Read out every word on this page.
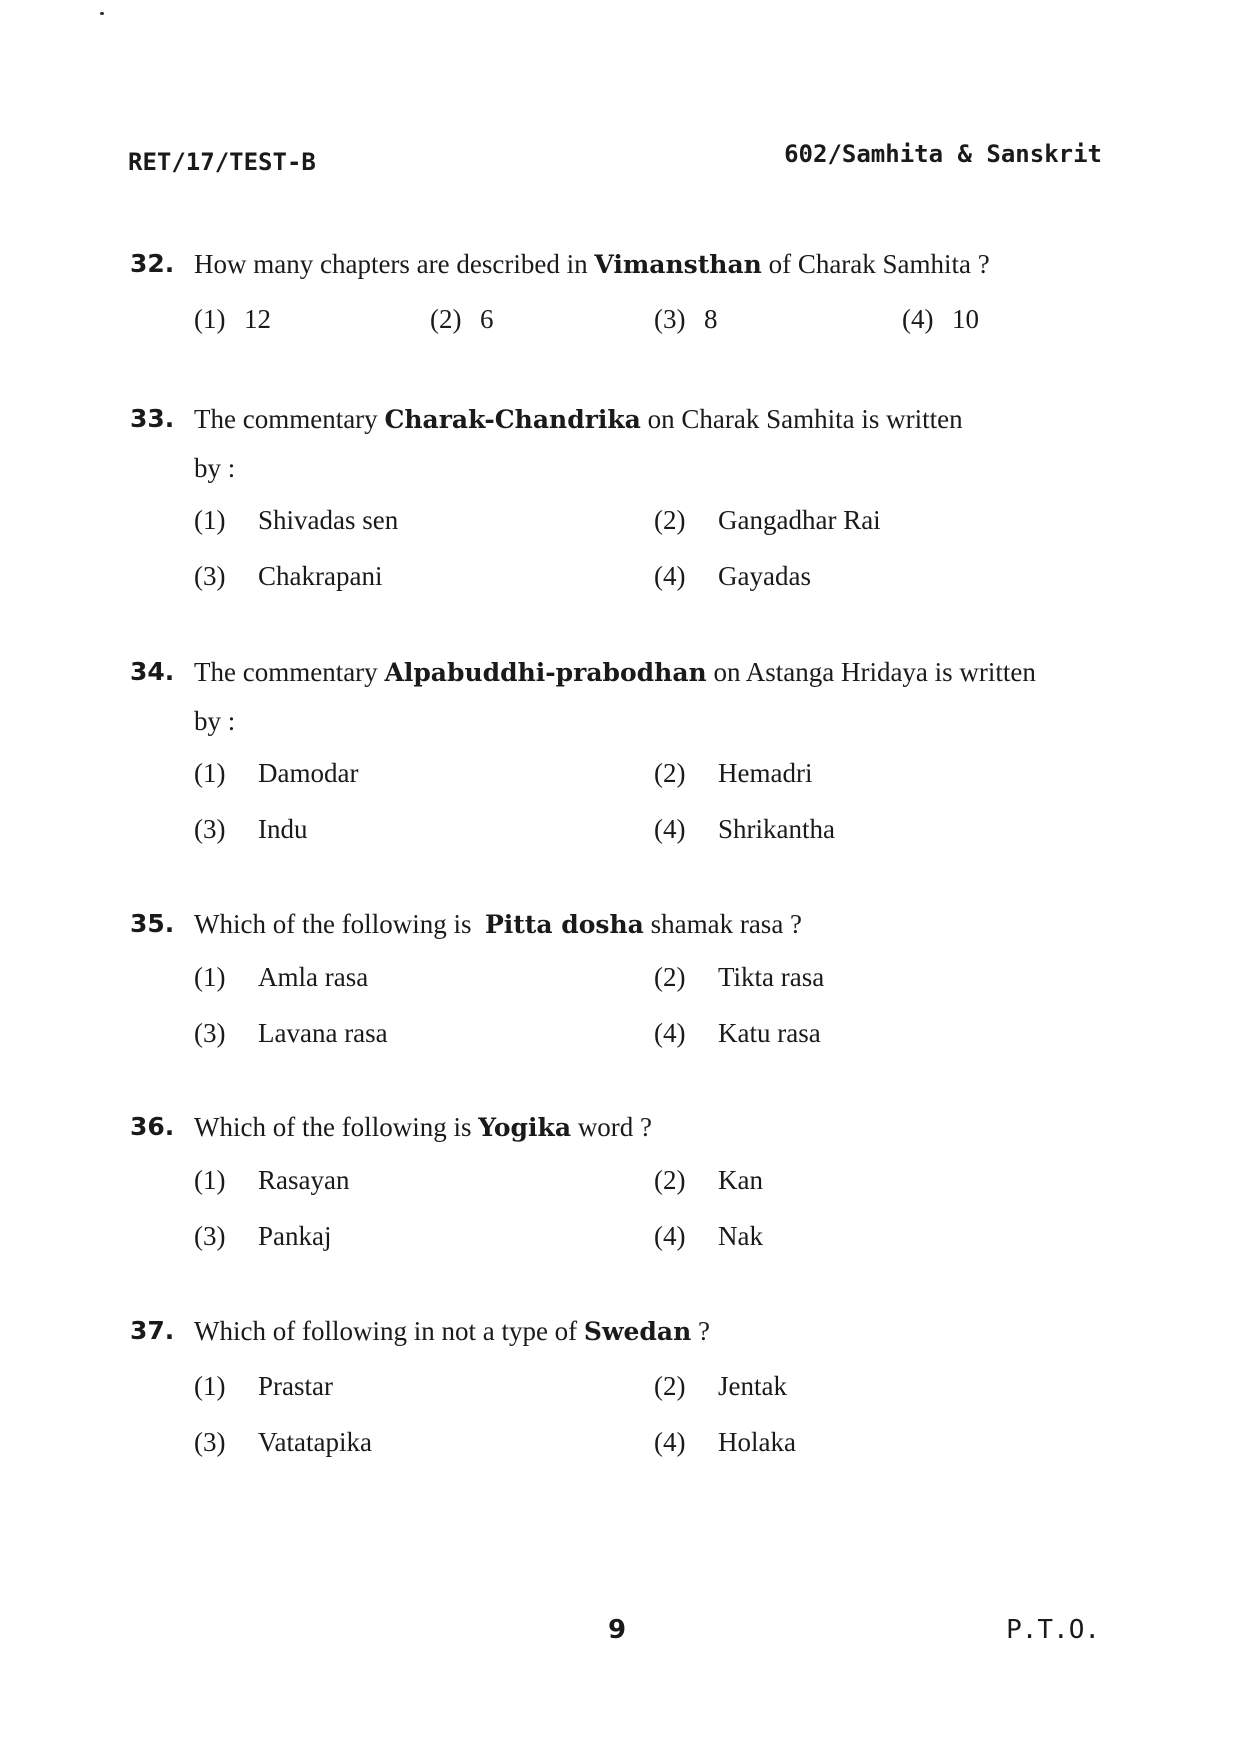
RET/17/TEST-B	602/Samhita & Sanskrit
32. How many chapters are described in Vimansthan of Charak Samhita ?
(1) 12	(2) 6	(3) 8	(4) 10
33. The commentary Charak-Chandrika on Charak Samhita is written
by :
(1) Shivadas sen	(2) Gangadhar Rai
(3) Chakrapani	(4) Gayadas
34. The commentary Alpabuddhi-prabodhan on Astanga Hridaya is written
by :
(1) Damodar	(2) Hemadri
(3) Indu	(4) Shrikantha
35. Which of the following is  Pitta dosha shamak rasa ?
(1) Amla rasa	(2) Tikta rasa
(3) Lavana rasa	(4) Katu rasa
36. Which of the following is Yogika word ?
(1) Rasayan	(2) Kan
(3) Pankaj	(4) Nak
37. Which of following in not a type of Swedan ?
(1) Prastar	(2) Jentak
(3) Vatatapika	(4) Holaka
9	P.T.O.
